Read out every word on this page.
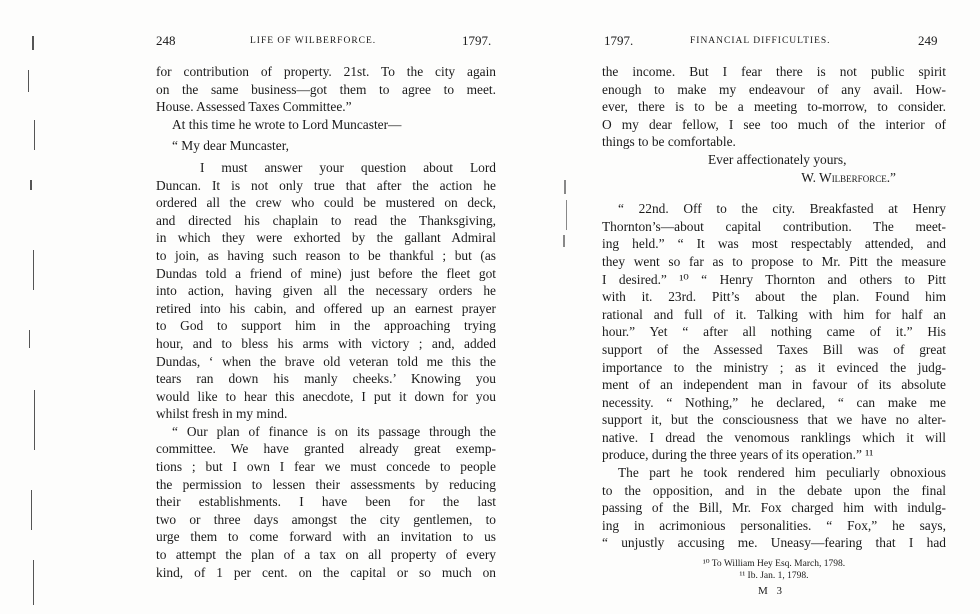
248	LIFE OF WILBERFORCE.	1797.
for contribution of property. 21st. To the city again
on the same business—got them to agree to meet.
House. Assessed Taxes Committee.”
At this time he wrote to Lord Muncaster—
“ My dear Muncaster,
I must answer your question about Lord
Duncan. It is not only true that after the action he
ordered all the crew who could be mustered on deck,
and directed his chaplain to read the Thanksgiving,
in which they were exhorted by the gallant Admiral
to join, as having such reason to be thankful ; but (as
Dundas told a friend of mine) just before the fleet got
into action, having given all the necessary orders he
retired into his cabin, and offered up an earnest prayer
to God to support him in the approaching trying
hour, and to bless his arms with victory ; and, added
Dundas, ‘ when the brave old veteran told me this the
tears ran down his manly cheeks.’ Knowing you
would like to hear this anecdote, I put it down for you
whilst fresh in my mind.
“ Our plan of finance is on its passage through the
committee. We have granted already great exemp-
tions ; but I own I fear we must concede to people
the permission to lessen their assessments by reducing
their establishments. I have been for the last
two or three days amongst the city gentlemen, to
urge them to come forward with an invitation to us
to attempt the plan of a tax on all property of every
kind, of 1 per cent. on the capital or so much on
1797.	FINANCIAL DIFFICULTIES.	249
the income. But I fear there is not public spirit
enough to make my endeavour of any avail. How-
ever, there is to be a meeting to-morrow, to consider.
O my dear fellow, I see too much of the interior of
things to be comfortable.
Ever affectionately yours,
W. Wilberforce.”
“ 22nd. Off to the city. Breakfasted at Henry
Thornton’s—about capital contribution. The meet-
ing held.” “ It was most respectably attended, and
they went so far as to propose to Mr. Pitt the measure
I desired.” ¹⁰ “ Henry Thornton and others to Pitt
with it. 23rd. Pitt’s about the plan. Found him
rational and full of it. Talking with him for half an
hour.” Yet “ after all nothing came of it.” His
support of the Assessed Taxes Bill was of great
importance to the ministry ; as it evinced the judg-
ment of an independent man in favour of its absolute
necessity. “ Nothing,” he declared, “ can make me
support it, but the consciousness that we have no alter-
native. I dread the venomous ranklings which it will
produce, during the three years of its operation.” ¹¹
The part he took rendered him peculiarly obnoxious
to the opposition, and in the debate upon the final
passing of the Bill, Mr. Fox charged him with indulg-
ing in acrimonious personalities. “ Fox,” he says,
“ unjustly accusing me. Uneasy—fearing that I had
¹⁰ To William Hey Esq. March, 1798.
¹¹ Ib. Jan. 1, 1798.
M 3
